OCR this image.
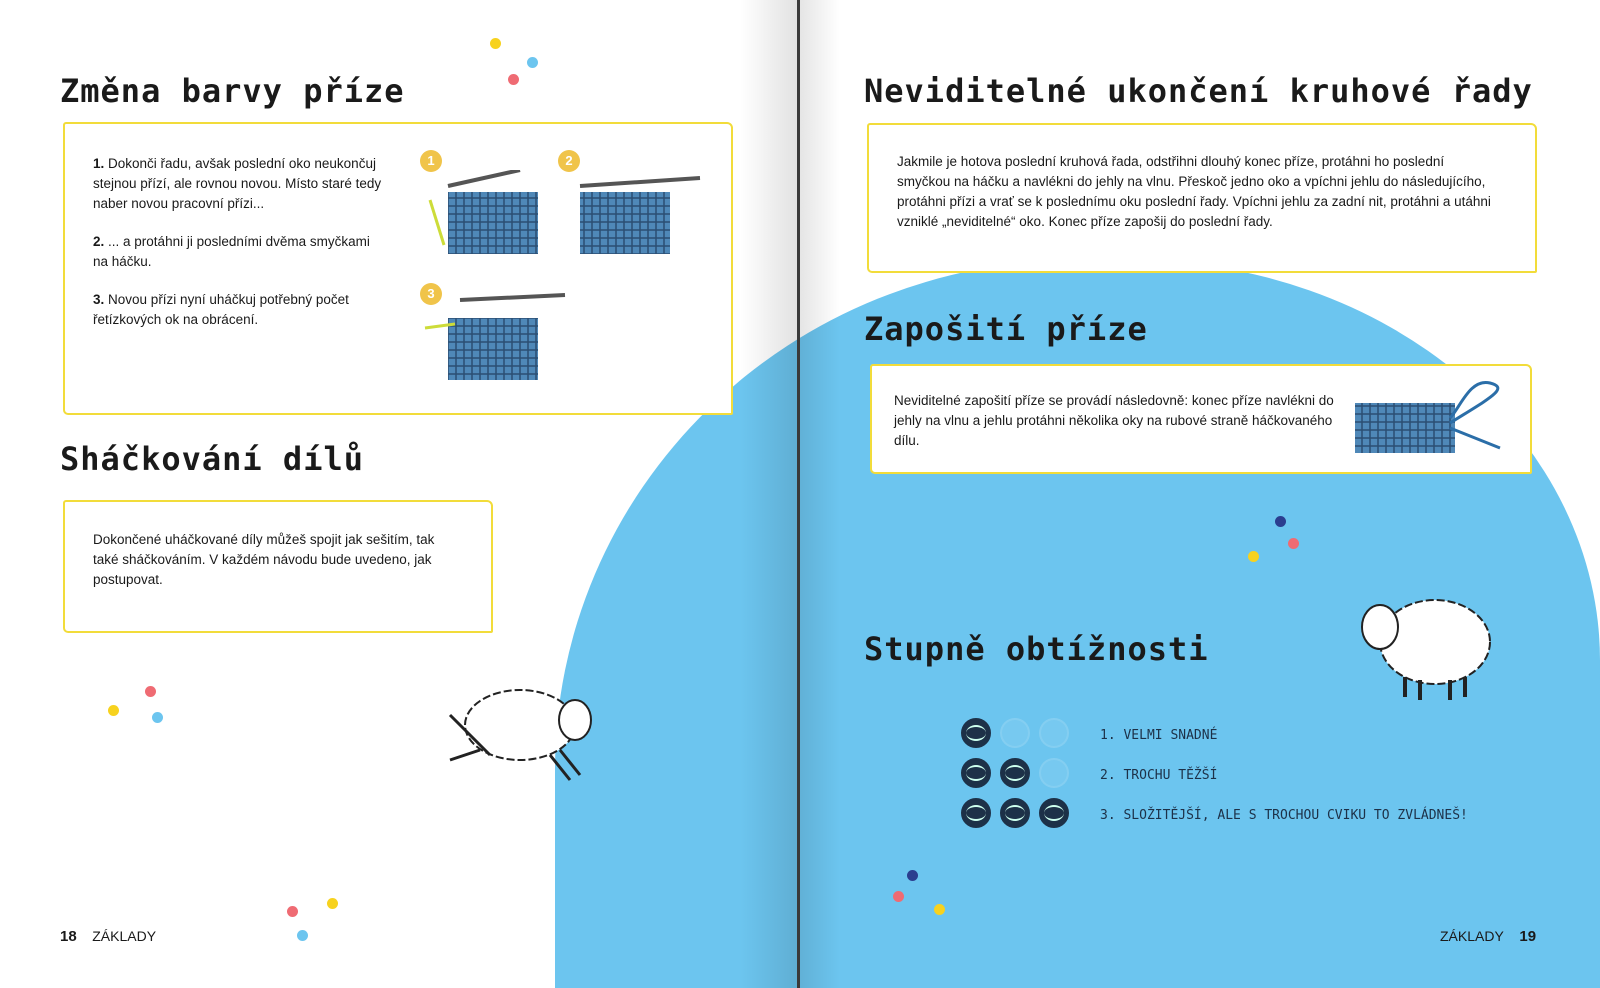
Změna barvy příze

1. Dokonči řadu, avšak poslední oko neukončuj stejnou přízí, ale rovnou novou. Místo staré tedy naber novou pracovní přízi...

2. ... a protáhni ji posledními dvěma smyčkami na háčku.

3. Novou přízi nyní uháčkuj potřebný počet řetízkových ok na obrácení.

1	2
3
Sháčkování dílů
Dokončené uháčkované díly můžeš spojit jak sešitím, tak také sháčkováním. V každém návodu bude uvedeno, jak postupovat.
18 ZÁKLADY
Neviditelné ukončení kruhové řady
Jakmile je hotova poslední kruhová řada, odstřihni dlouhý konec příze, protáhni ho poslední smyčkou na háčku a navlékni do jehly na vlnu. Přeskoč jedno oko a vpíchni jehlu do následujícího, protáhni přízi a vrať se k poslednímu oku poslední řady. Vpíchni jehlu za zadní nit, protáhni a utáhni vzniklé „neviditelné“ oko. Konec příze zapošij do poslední řady.
Zapošití příze
Neviditelné zapošití příze se provádí následovně: konec příze navlékni do jehly na vlnu a jehlu protáhni několika oky na rubové straně háčkovaného dílu.
Stupně obtížnosti
1. VELMI SNADNÉ
2. TROCHU TĚŽŠÍ
3. SLOŽITĚJŠÍ, ALE S TROCHOU CVIKU TO ZVLÁDNEŠ!
ZÁKLADY 19
